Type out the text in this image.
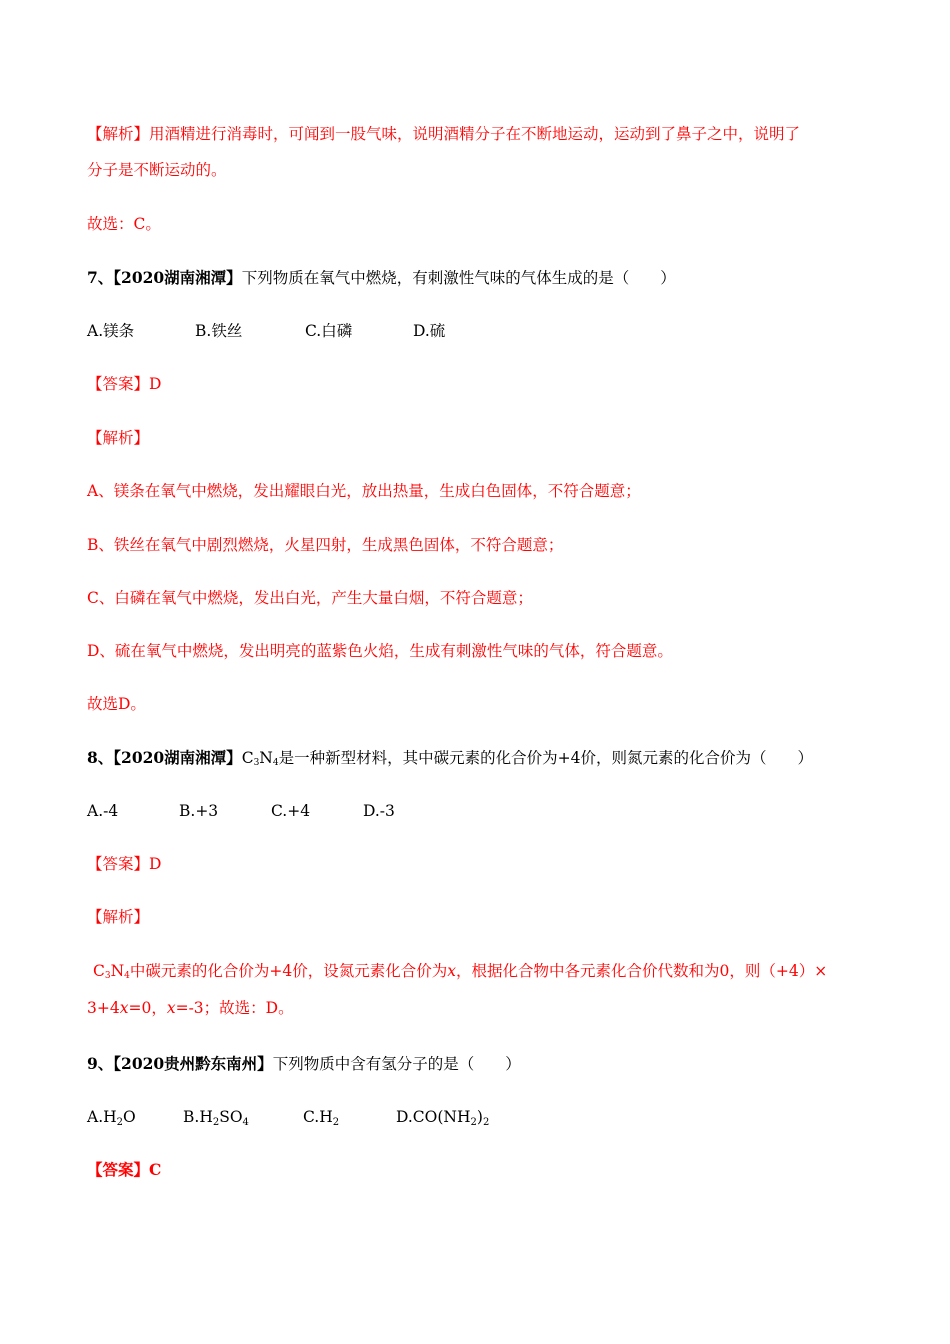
【解析】用酒精进行消毒时，可闻到一股气味，说明酒精分子在不断地运动，运动到了鼻子之中，说明了
分子是不断运动的。
故选：C。
7、【2020湖南湘潭】下列物质在氧气中燃烧，有刺激性气味的气体生成的是（　　）
A.镁条	B.铁丝	C.白磷	D.硫
【答案】D
【解析】
A、镁条在氧气中燃烧，发出耀眼白光，放出热量，生成白色固体，不符合题意；
B、铁丝在氧气中剧烈燃烧，火星四射，生成黑色固体，不符合题意；
C、白磷在氧气中燃烧，发出白光，产生大量白烟，不符合题意；
D、硫在氧气中燃烧，发出明亮的蓝紫色火焰，生成有刺激性气味的气体，符合题意。
故选D。
8、【2020湖南湘潭】$C_3N_4$是一种新型材料，其中碳元素的化合价为+4价，则氮元素的化合价为（　　）
A.-4	B.+3	C.+4	D.-3
【答案】D
【解析】
$C_3N_4$中碳元素的化合价为+4价，设氮元素化合价为x，根据化合物中各元素化合价代数和为0，则（+4）×
3+4x=0，x=-3；故选：D。
9、【2020贵州黔东南州】下列物质中含有氢分子的是（　　）
$A.H_2O$	$B.H_2SO_4$	$C.H_2$	$D.CO(NH_2)_2$
【答案】C
